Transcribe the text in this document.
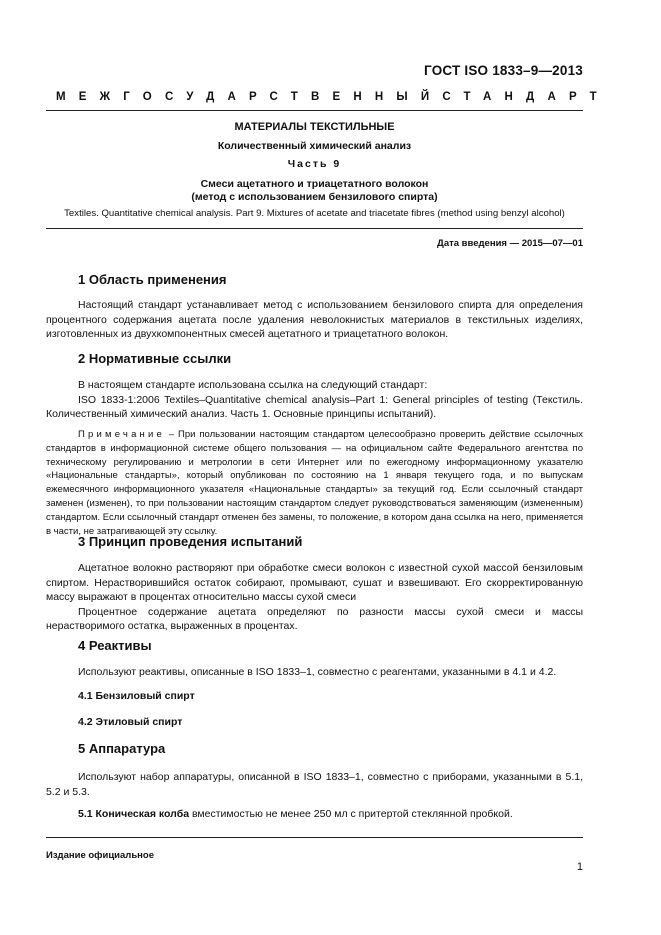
ГОСТ ISO 1833–9—2013
МЕЖГОСУДАРСТВЕННЫЙ СТАНДАРТ
МАТЕРИАЛЫ ТЕКСТИЛЬНЫЕ
Количественный химический анализ
Часть 9
Смеси ацетатного и триацетатного волокон
(метод с использованием бензилового спирта)
Textiles. Quantitative chemical analysis. Part 9. Mixtures of acetate and triacetate fibres (method using benzyl alcohol)
Дата введения — 2015—07—01
1 Область применения

Настоящий стандарт устанавливает метод с использованием бензилового спирта для определения процентного содержания ацетата после удаления неволокнистых материалов в текстильных изделиях, изготовленных из двухкомпонентных смесей ацетатного и триацетатного волокон.

2 Нормативные ссылки

В настоящем стандарте использована ссылка на следующий стандарт:

ISO 1833-1:2006 Textiles–Quantitative chemical analysis–Part 1: General principles of testing (Текстиль. Количественный химический анализ. Часть 1. Основные принципы испытаний).

Примечание – При пользовании настоящим стандартом целесообразно проверить действие ссылочных стандартов в информационной системе общего пользования — на официальном сайте Федерального агентства по техническому регулированию и метрологии в сети Интернет или по ежегодному информационному указателю «Национальные стандарты», который опубликован по состоянию на 1 января текущего года, и по выпускам ежемесячного информационного указателя «Национальные стандарты» за текущий год. Если ссылочный стандарт заменен (изменен), то при пользовании настоящим стандартом следует руководствоваться заменяющим (измененным) стандартом. Если ссылочный стандарт отменен без замены, то положение, в котором дана ссылка на него, применяется в части, не затрагивающей эту ссылку.

3 Принцип проведения испытаний

Ацетатное волокно растворяют при обработке смеси волокон с известной сухой массой бензиловым спиртом. Нерастворившийся остаток собирают, промывают, сушат и взвешивают. Его скорректированную массу выражают в процентах относительно массы сухой смеси

Процентное содержание ацетата определяют по разности массы сухой смеси и массы нерастворимого остатка, выраженных в процентах.

4 Реактивы
Используют реактивы, описанные в ISO 1833–1, совместно с реагентами, указанными в 4.1 и 4.2.
4.1 Бензиловый спирт
4.2 Этиловый спирт
5 Аппаратура

Используют набор аппаратуры, описанной в ISO 1833–1, совместно с приборами, указанными в 5.1, 5.2 и 5.3.

5.1 Коническая колба вместимостью не менее 250 мл с притертой стеклянной пробкой.
Издание официальное
1
